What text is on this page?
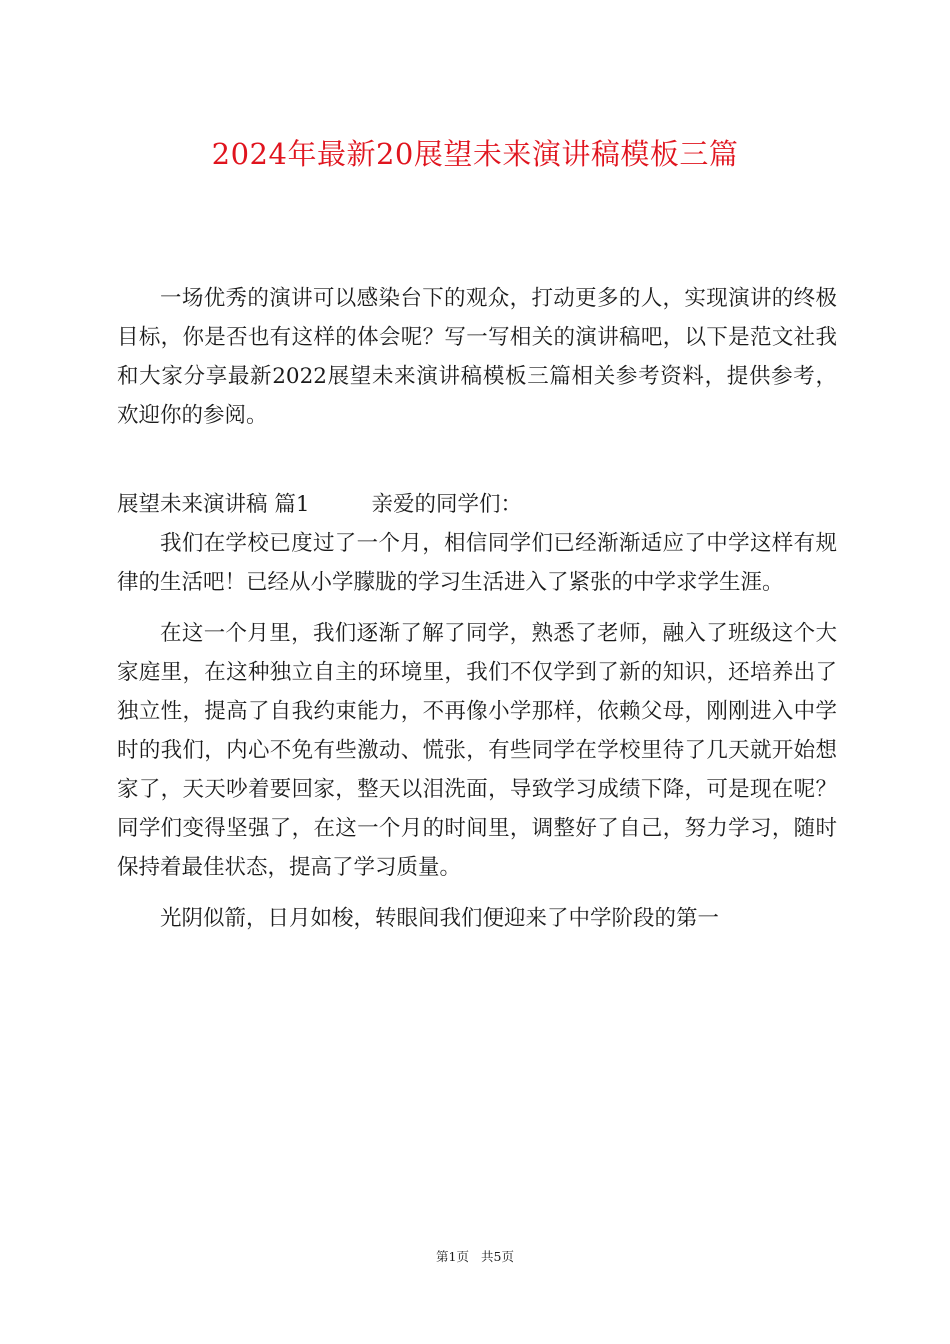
2024年最新20展望未来演讲稿模板三篇

一场优秀的演讲可以感染台下的观众，打动更多的人，实现演讲的终极目标，你是否也有这样的体会呢？写一写相关的演讲稿吧，以下是范文社我和大家分享最新2022展望未来演讲稿模板三篇相关参考资料，提供参考，欢迎你的参阅。

展望未来演讲稿 篇1	亲爱的同学们：

我们在学校已度过了一个月，相信同学们已经渐渐适应了中学这样有规律的生活吧！已经从小学朦胧的学习生活进入了紧张的中学求学生涯。

在这一个月里，我们逐渐了解了同学，熟悉了老师，融入了班级这个大家庭里，在这种独立自主的环境里，我们不仅学到了新的知识，还培养出了独立性，提高了自我约束能力，不再像小学那样，依赖父母，刚刚进入中学时的我们，内心不免有些激动、慌张，有些同学在学校里待了几天就开始想家了，天天吵着要回家，整天以泪洗面，导致学习成绩下降，可是现在呢？同学们变得坚强了，在这一个月的时间里，调整好了自己，努力学习，随时保持着最佳状态，提高了学习质量。

光阴似箭，日月如梭，转眼间我们便迎来了中学阶段的第一

第1页 共5页
